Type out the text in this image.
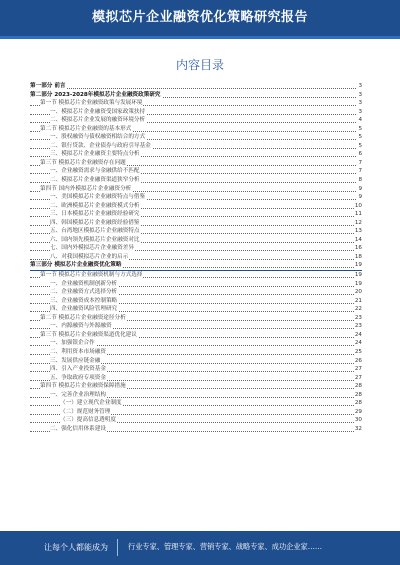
模拟芯片企业融资优化策略研究报告
内容目录
第一部分 前言	3
第二部分 2023-2028年模拟芯片企业融资政策研究	3
第一节 模拟芯片企业融资政策与发展环境	3
一、模拟芯片企业融资受国家政策扶持	3
二、模拟芯片企业发展的融资环境分析	4
第二节 模拟芯片企业融资的基本形式	5
一、股权融资与债权融资相结合的方式	5
二、银行贷款、企业债券与政府引导基金	5
三、模拟芯片企业融资主要特点分析	6
第三节 模拟芯片企业融资存在问题	7
一、企业融资需求与金融供给不匹配	7
二、模拟芯片企业融资渠道狭窄分析	8
第四节 国内外模拟芯片企业融资分析	9
一、美国模拟芯片企业融资特点与借鉴	9
二、欧洲模拟芯片企业融资模式分析	10
三、日本模拟芯片企业融资经验研究	11
四、韩国模拟芯片企业融资经验借鉴	12
五、台湾地区模拟芯片企业融资特点	13
六、国内领先模拟芯片企业融资对比	14
七、国内外模拟芯片企业融资差异	16
八、对我国模拟芯片企业的启示	18
第三部分 模拟芯片企业融资优化策略	19
第一节 模拟芯片企业融资机制与方式选择	19
一、企业融资机制创新分析	19
二、企业融资方式选择分析	20
三、企业融资成本控制策略	21
四、企业融资风险管理研究	22
第二节 模拟芯片企业融资途径分析	23
一、内源融资与外源融资	23
第三节 模拟芯片企业融资渠道优化建议	24
一、加强银企合作	24
二、利用资本市场融资	25
三、发展供应链金融	26
四、引入产业投资基金	27
五、争取政府专项资金	27
第四节 模拟芯片企业融资保障措施	28
一、完善企业治理结构	28
（一）建立现代企业制度	28
（二）规范财务管理	29
（三）提高信息透明度	30
二、强化信用体系建设	32
让每个人都能成为	行业专家、管理专家、营销专家、战略专家、成功企业家……
